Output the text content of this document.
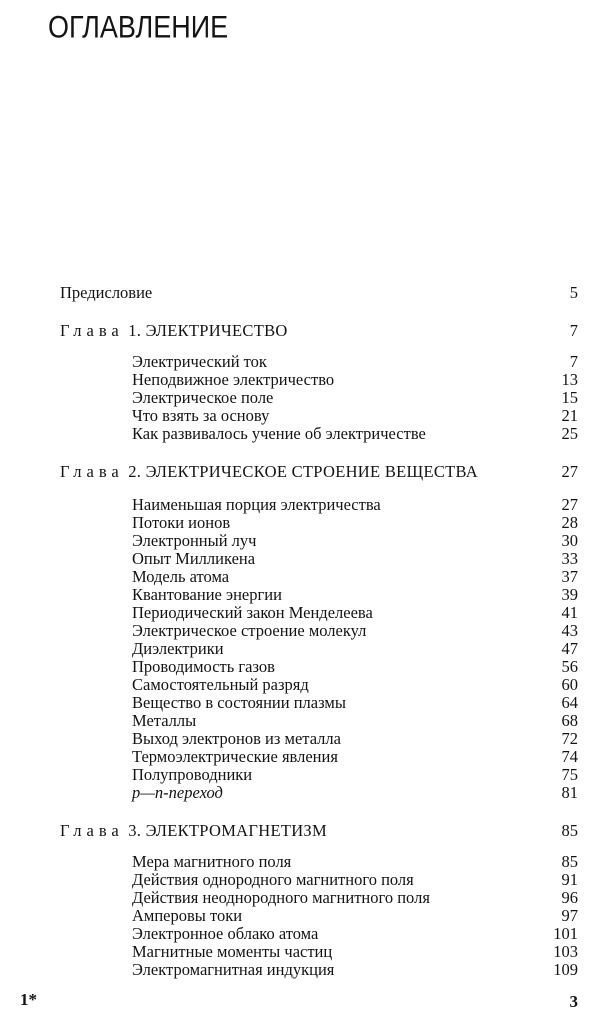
ОГЛАВЛЕНИЕ
Предисловие	5
Глава 1. ЭЛЕКТРИЧЕСТВО	7
Электрический ток	7
Неподвижное электричество	13
Электрическое поле	15
Что взять за основу	21
Как развивалось учение об электричестве	25
Глава 2. ЭЛЕКТРИЧЕСКОЕ СТРОЕНИЕ ВЕЩЕСТВА	27
Наименьшая порция электричества	27
Потоки ионов	28
Электронный луч	30
Опыт Милликена	33
Модель атома	37
Квантование энергии	39
Периодический закон Менделеева	41
Электрическое строение молекул	43
Диэлектрики	47
Проводимость газов	56
Самостоятельный разряд	60
Вещество в состоянии плазмы	64
Металлы	68
Выход электронов из металла	72
Термоэлектрические явления	74
Полупроводники	75
p—n-переход	81
Глава 3. ЭЛЕКТРОМАГНЕТИЗМ	85
Мера магнитного поля	85
Действия однородного магнитного поля	91
Действия неоднородного магнитного поля	96
Амперовы токи	97
Электронное облако атома	101
Магнитные моменты частиц	103
Электромагнитная индукция	109
1*	3
